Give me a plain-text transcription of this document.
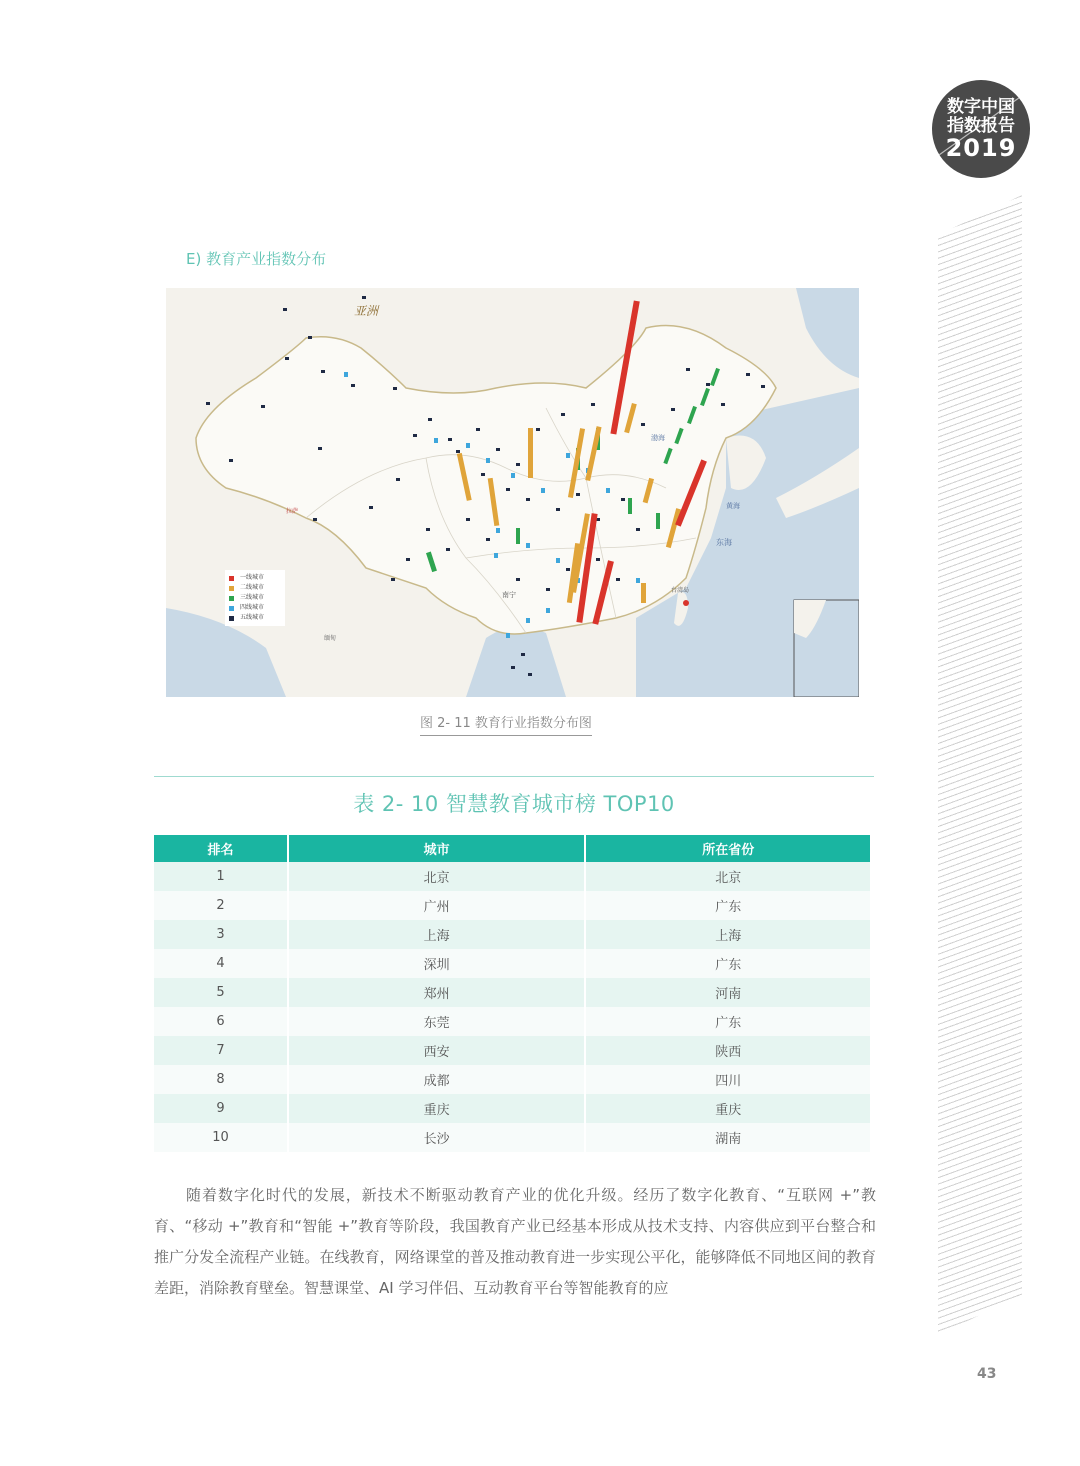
数字中国
指数报告
2019
E) 教育产业指数分布
亚洲
渤海
黄海
东海
拉萨
南宁
缅甸
台湾岛
一线城市
二线城市
三线城市
四线城市
五线城市
图 2- 11 教育行业指数分布图
表 2- 10 智慧教育城市榜 TOP10
排名	城市	所在省份
1	北京	北京
2	广州	广东
3	上海	上海
4	深圳	广东
5	郑州	河南
6	东莞	广东
7	西安	陕西
8	成都	四川
9	重庆	重庆
10	长沙	湖南

随着数字化时代的发展，新技术不断驱动教育产业的优化升级。经历了数字化教育、“互联网 +”教育、“移动 +”教育和“智能 +”教育等阶段，我国教育产业已经基本形成从技术支持、内容供应到平台整合和推广分发全流程产业链。在线教育，网络课堂的普及推动教育进一步实现公平化，能够降低不同地区间的教育差距，消除教育壁垒。智慧课堂、AI 学习伴侣、互动教育平台等智能教育的应

43
